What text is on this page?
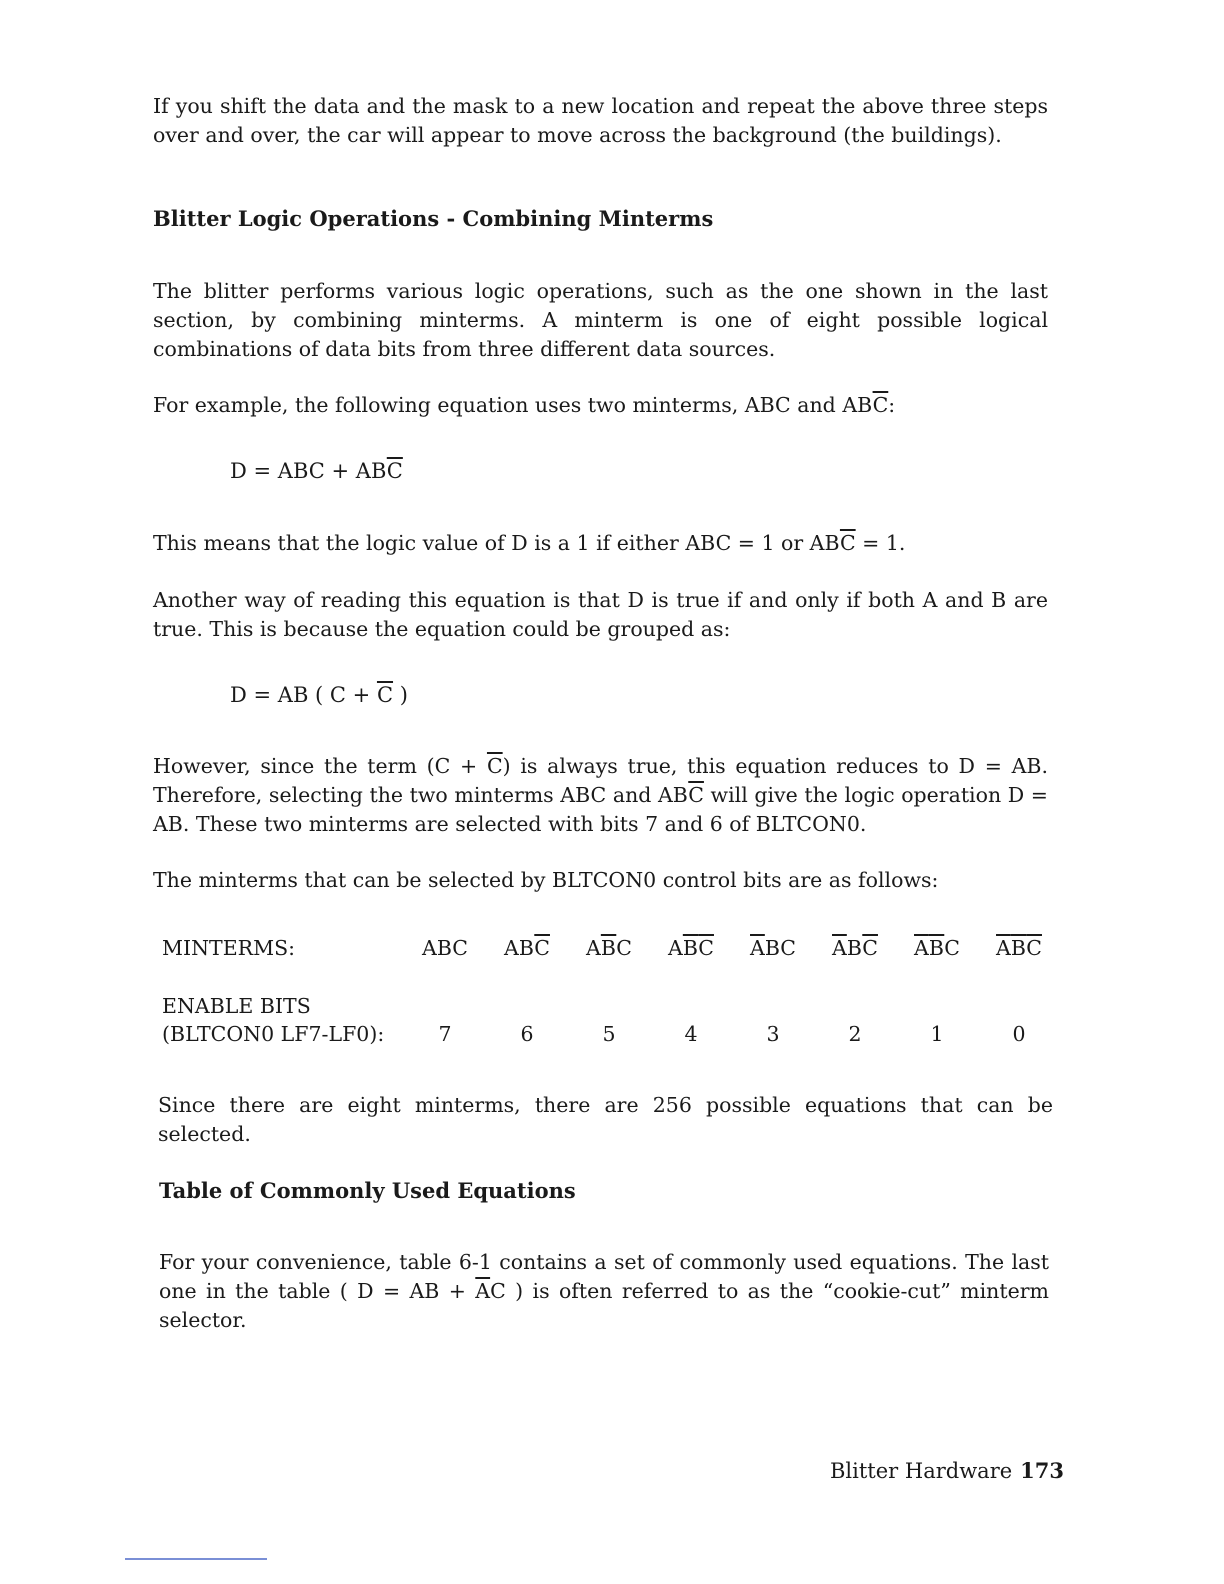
If you shift the data and the mask to a new location and repeat the above three steps over and over, the car will appear to move across the background (the buildings).

Blitter Logic Operations - Combining Minterms

The blitter performs various logic operations, such as the one shown in the last section, by combining minterms. A minterm is one of eight possible logical combinations of data bits from three different data sources.

For example, the following equation uses two minterms, ABC and $AB\overline{C}$:

D = ABC + $AB\overline{C}$

This means that the logic value of D is a 1 if either ABC = 1 or $AB\overline{C} = 1$.

Another way of reading this equation is that D is true if and only if both A and B are true. This is because the equation could be grouped as:

D = AB ( $C + \overline{C}$ )

However, since the term $(C + \overline{C})$ is always true, this equation reduces to D = AB. Therefore, selecting the two minterms ABC and $AB\overline{C}$ will give the logic operation D = AB. These two minterms are selected with bits 7 and 6 of BLTCON0.

The minterms that can be selected by BLTCON0 control bits are as follows:

MINTERMS:	ABC	$AB\overline{C}$	$A\overline{B}C$	$A\overline{B}\overline{C}$	$\overline{A}BC$	$\overline{A}B\overline{C}$	$\overline{A}\overline{B}C$	$\overline{A}\overline{B}\overline{C}$
ENABLE BITS
(BLTCON0 LF7-LF0):	7	6	5	4	3	2	1	0

Since there are eight minterms, there are 256 possible equations that can be selected.

Table of Commonly Used Equations

For your convenience, table 6-1 contains a set of commonly used equations. The last one in the table ( D = AB + $\overline{A}C$ ) is often referred to as the “cookie-cut” minterm selector.

Blitter Hardware 173
